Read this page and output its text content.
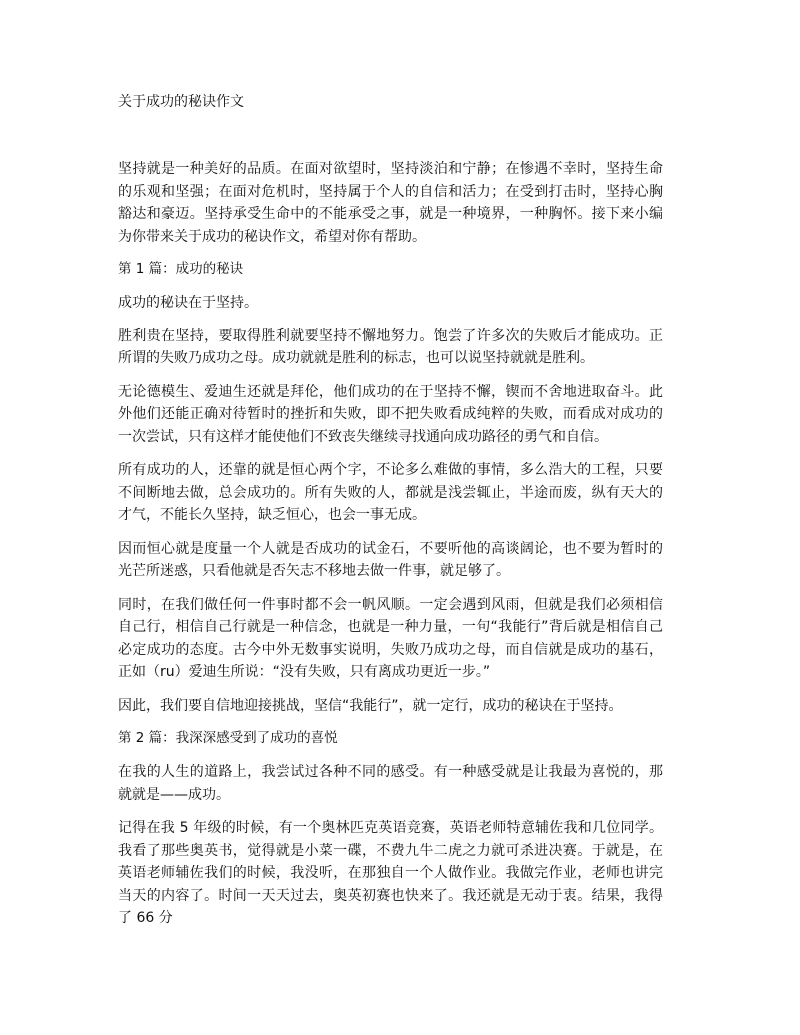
关于成功的秘诀作文

坚持就是一种美好的品质。在面对欲望时，坚持淡泊和宁静；在惨遇不幸时，坚持生命的乐观和坚强；在面对危机时，坚持属于个人的自信和活力；在受到打击时，坚持心胸豁达和豪迈。坚持承受生命中的不能承受之事，就是一种境界，一种胸怀。接下来小编为你带来关于成功的秘诀作文，希望对你有帮助。

第 1 篇：成功的秘诀

成功的秘诀在于坚持。

胜利贵在坚持，要取得胜利就要坚持不懈地努力。饱尝了许多次的失败后才能成功。正所谓的失败乃成功之母。成功就就是胜利的标志，也可以说坚持就就是胜利。

无论德模生、爱迪生还就是拜伦，他们成功的在于坚持不懈，锲而不舍地进取奋斗。此外他们还能正确对待暂时的挫折和失败，即不把失败看成纯粹的失败，而看成对成功的一次尝试，只有这样才能使他们不致丧失继续寻找通向成功路径的勇气和自信。

所有成功的人，还靠的就是恒心两个字，不论多么难做的事情，多么浩大的工程，只要不间断地去做，总会成功的。所有失败的人，都就是浅尝辄止，半途而废，纵有天大的才气，不能长久坚持，缺乏恒心，也会一事无成。

因而恒心就是度量一个人就是否成功的试金石，不要听他的高谈阔论，也不要为暂时的光芒所迷惑，只看他就是否矢志不移地去做一件事，就足够了。

同时，在我们做任何一件事时都不会一帆风顺。一定会遇到风雨，但就是我们必须相信自己行，相信自己行就是一种信念，也就是一种力量，一句“我能行”背后就是相信自己必定成功的态度。古今中外无数事实说明，失败乃成功之母，而自信就是成功的基石，正如（ru）爱迪生所说：“没有失败，只有离成功更近一步。”

因此，我们要自信地迎接挑战，坚信“我能行”，就一定行，成功的秘诀在于坚持。

第 2 篇：我深深感受到了成功的喜悦

在我的人生的道路上，我尝试过各种不同的感受。有一种感受就是让我最为喜悦的，那就就是——成功。

记得在我 5 年级的时候，有一个奥林匹克英语竞赛，英语老师特意辅佐我和几位同学。我看了那些奥英书，觉得就是小菜一碟，不费九牛二虎之力就可杀进决赛。于就是，在英语老师辅佐我们的时候，我没听，在那独自一个人做作业。我做完作业，老师也讲完当天的内容了。时间一天天过去，奥英初赛也快来了。我还就是无动于衷。结果，我得了 66 分
